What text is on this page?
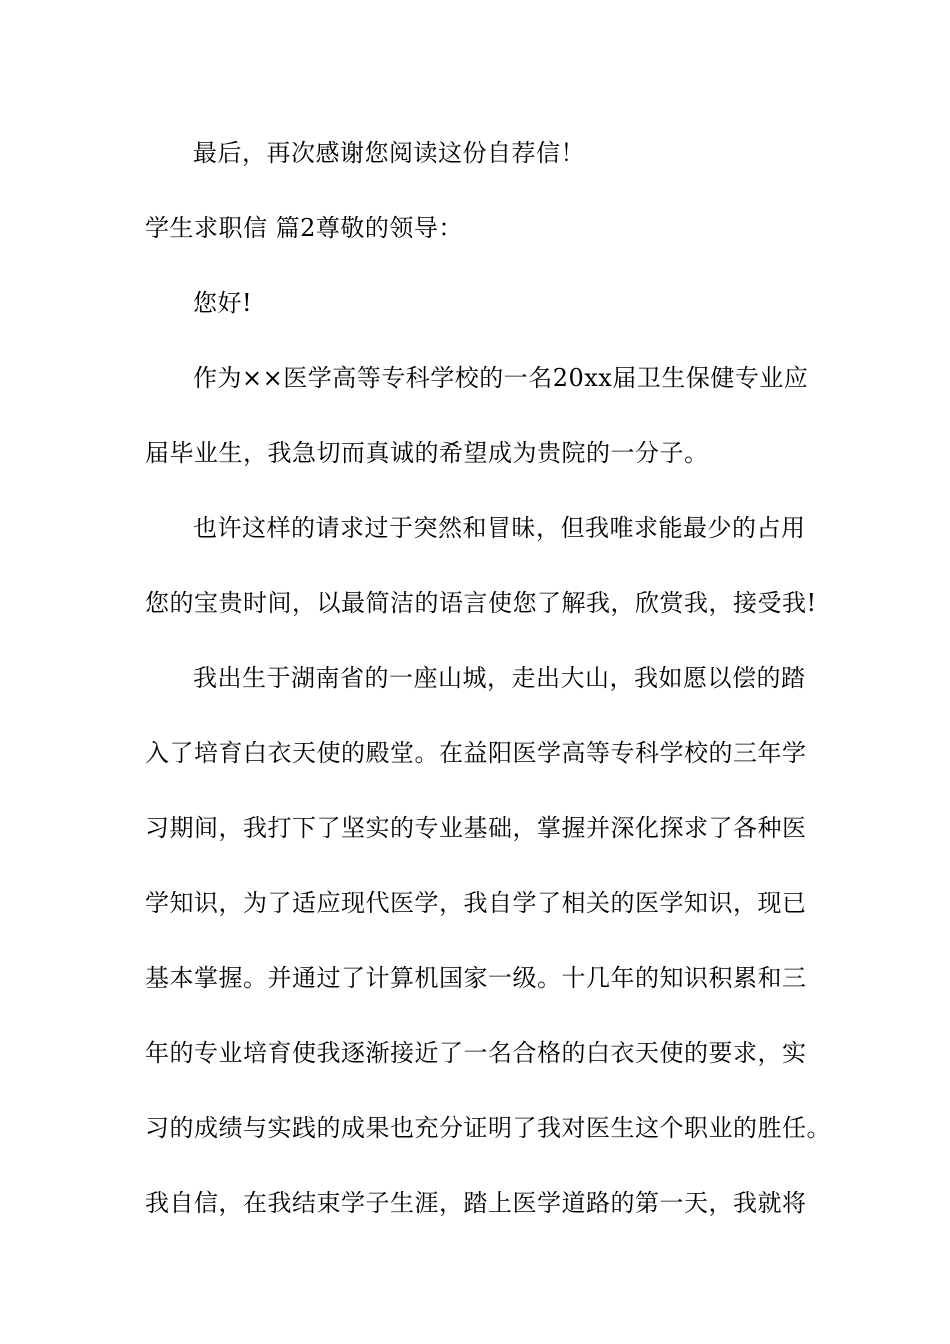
最后，再次感谢您阅读这份自荐信！
学生求职信 篇2尊敬的领导：
您好!
作为××医学高等专科学校的一名20xx届卫生保健专业应
届毕业生，我急切而真诚的希望成为贵院的一分子。
也许这样的请求过于突然和冒昧，但我唯求能最少的占用
您的宝贵时间，以最简洁的语言使您了解我，欣赏我，接受我!
我出生于湖南省的一座山城，走出大山，我如愿以偿的踏
入了培育白衣天使的殿堂。在益阳医学高等专科学校的三年学
习期间，我打下了坚实的专业基础，掌握并深化探求了各种医
学知识，为了适应现代医学，我自学了相关的医学知识，现已
基本掌握。并通过了计算机国家一级。十几年的知识积累和三
年的专业培育使我逐渐接近了一名合格的白衣天使的要求，实
习的成绩与实践的成果也充分证明了我对医生这个职业的胜任。
我自信，在我结束学子生涯，踏上医学道路的第一天，我就将
